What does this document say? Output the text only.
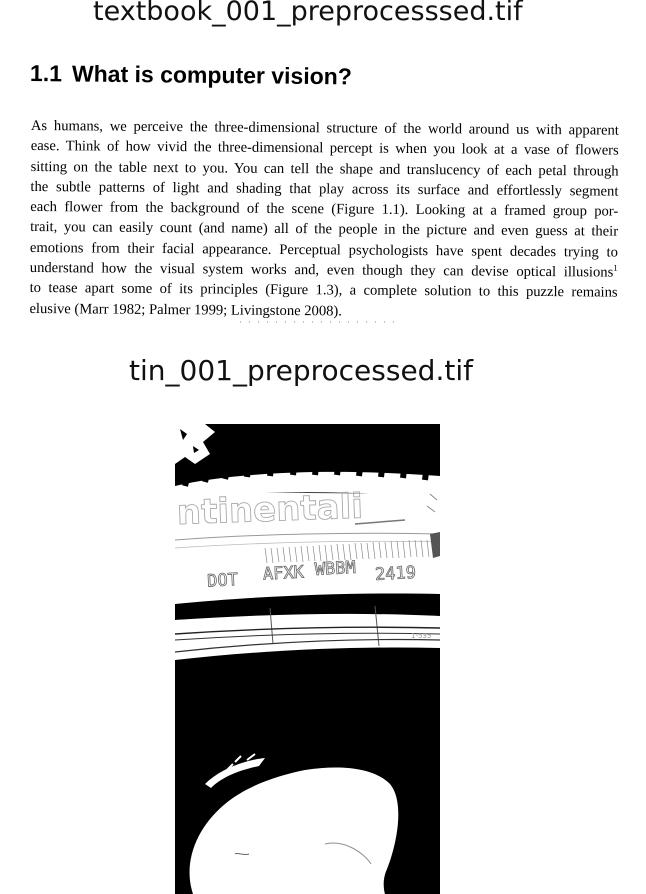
textbook_001_preprocesssed.tif
1.1 What is computer vision?

As humans, we perceive the three-dimensional structure of the world around us with apparent
ease. Think of how vivid the three-dimensional percept is when you look at a vase of flowers
sitting on the table next to you. You can tell the shape and translucency of each petal through
the subtle patterns of light and shading that play across its surface and effortlessly segment
each flower from the background of the scene (Figure 1.1). Looking at a framed group por-
trait, you can easily count (and name) all of the people in the picture and even guess at their
emotions from their facial appearance. Perceptual psychologists have spent decades trying to
understand how the visual system works and, even though they can devise optical illusions$^1$
to tease apart some of its principles (Figure 1.3), a complete solution to this puzzle remains
elusive (Marr 1982; Palmer 1999; Livingstone 2008).

tin_001_preprocessed.tif
ntinentali
DOT AFXK WBBM 2419
1-535
